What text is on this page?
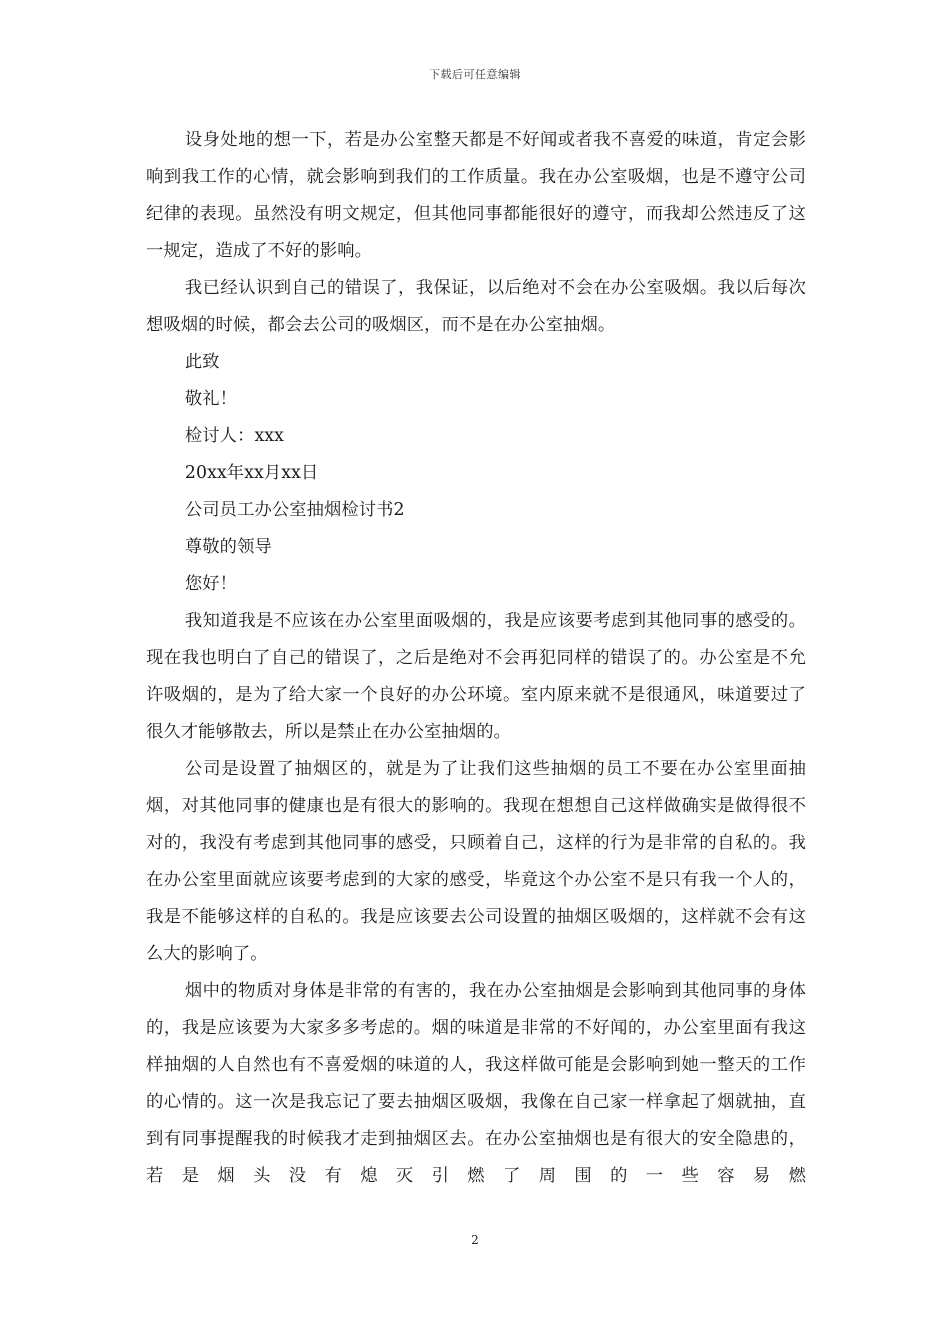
下载后可任意编辑

设身处地的想一下，若是办公室整天都是不好闻或者我不喜爱的味道，肯定会影响到我工作的心情，就会影响到我们的工作质量。我在办公室吸烟，也是不遵守公司纪律的表现。虽然没有明文规定，但其他同事都能很好的遵守，而我却公然违反了这一规定，造成了不好的影响。

我已经认识到自己的错误了，我保证，以后绝对不会在办公室吸烟。我以后每次想吸烟的时候，都会去公司的吸烟区，而不是在办公室抽烟。

此致

敬礼！

检讨人：xxx

20xx年xx月xx日

公司员工办公室抽烟检讨书2

尊敬的领导

您好！

我知道我是不应该在办公室里面吸烟的，我是应该要考虑到其他同事的感受的。现在我也明白了自己的错误了，之后是绝对不会再犯同样的错误了的。办公室是不允许吸烟的，是为了给大家一个良好的办公环境。室内原来就不是很通风，味道要过了很久才能够散去，所以是禁止在办公室抽烟的。

公司是设置了抽烟区的，就是为了让我们这些抽烟的员工不要在办公室里面抽烟，对其他同事的健康也是有很大的影响的。我现在想想自己这样做确实是做得很不对的，我没有考虑到其他同事的感受，只顾着自己，这样的行为是非常的自私的。我在办公室里面就应该要考虑到的大家的感受，毕竟这个办公室不是只有我一个人的，我是不能够这样的自私的。我是应该要去公司设置的抽烟区吸烟的，这样就不会有这么大的影响了。

烟中的物质对身体是非常的有害的，我在办公室抽烟是会影响到其他同事的身体的，我是应该要为大家多多考虑的。烟的味道是非常的不好闻的，办公室里面有我这样抽烟的人自然也有不喜爱烟的味道的人，我这样做可能是会影响到她一整天的工作的心情的。这一次是我忘记了要去抽烟区吸烟，我像在自己家一样拿起了烟就抽，直到有同事提醒我的时候我才走到抽烟区去。在办公室抽烟也是有很大的安全隐患的，若是烟头没有熄灭引燃了周围的一些容易燃

2
